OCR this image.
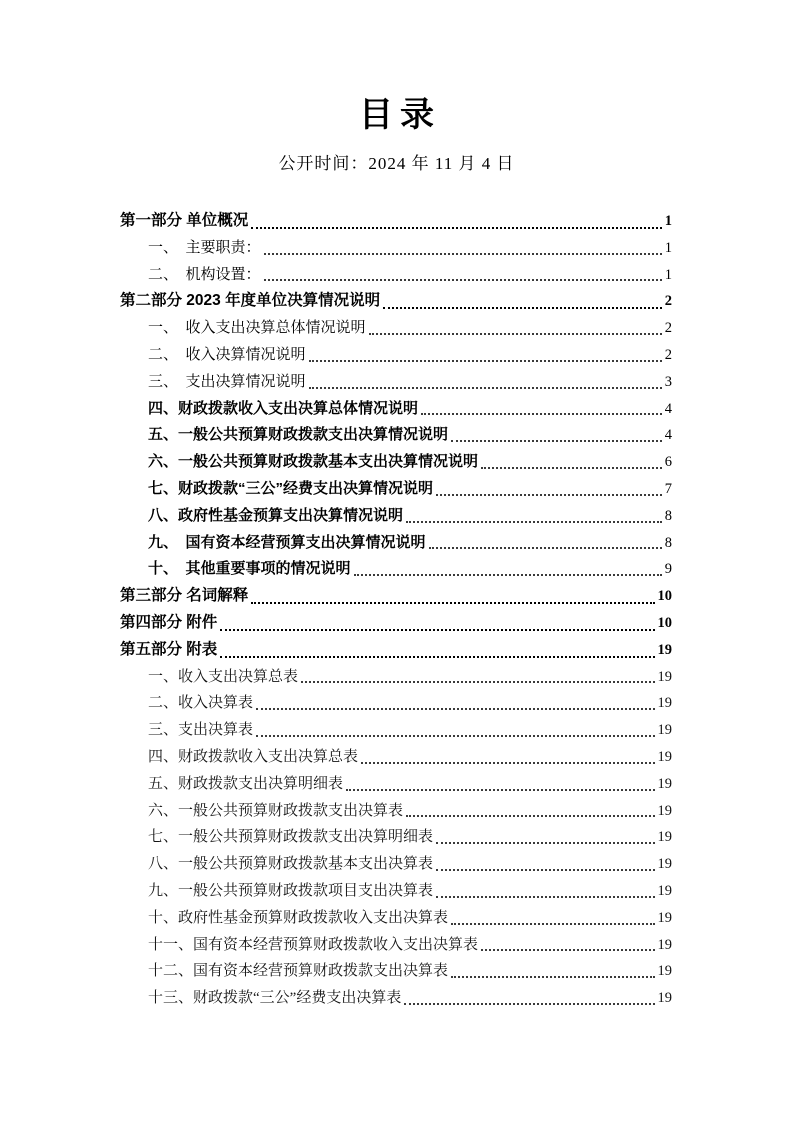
目录

公开时间：2024 年 11 月 4 日

第一部分 单位概况	1
一、　主要职责：	1
二、　机构设置：	1
第二部分 2023 年度单位决算情况说明	2
一、　收入支出决算总体情况说明	2
二、　收入决算情况说明	2
三、　支出决算情况说明	3
四、财政拨款收入支出决算总体情况说明	4
五、一般公共预算财政拨款支出决算情况说明	4
六、一般公共预算财政拨款基本支出决算情况说明	6
七、财政拨款“三公”经费支出决算情况说明	7
八、政府性基金预算支出决算情况说明	8
九、　国有资本经营预算支出决算情况说明	8
十、　其他重要事项的情况说明	9
第三部分 名词解释	10
第四部分 附件	10
第五部分 附表	19
一、收入支出决算总表	19
二、收入决算表	19
三、支出决算表	19
四、财政拨款收入支出决算总表	19
五、财政拨款支出决算明细表	19
六、一般公共预算财政拨款支出决算表	19
七、一般公共预算财政拨款支出决算明细表	19
八、一般公共预算财政拨款基本支出决算表	19
九、一般公共预算财政拨款项目支出决算表	19
十、政府性基金预算财政拨款收入支出决算表	19
十一、国有资本经营预算财政拨款收入支出决算表	19
十二、国有资本经营预算财政拨款支出决算表	19
十三、财政拨款“三公”经费支出决算表	19
